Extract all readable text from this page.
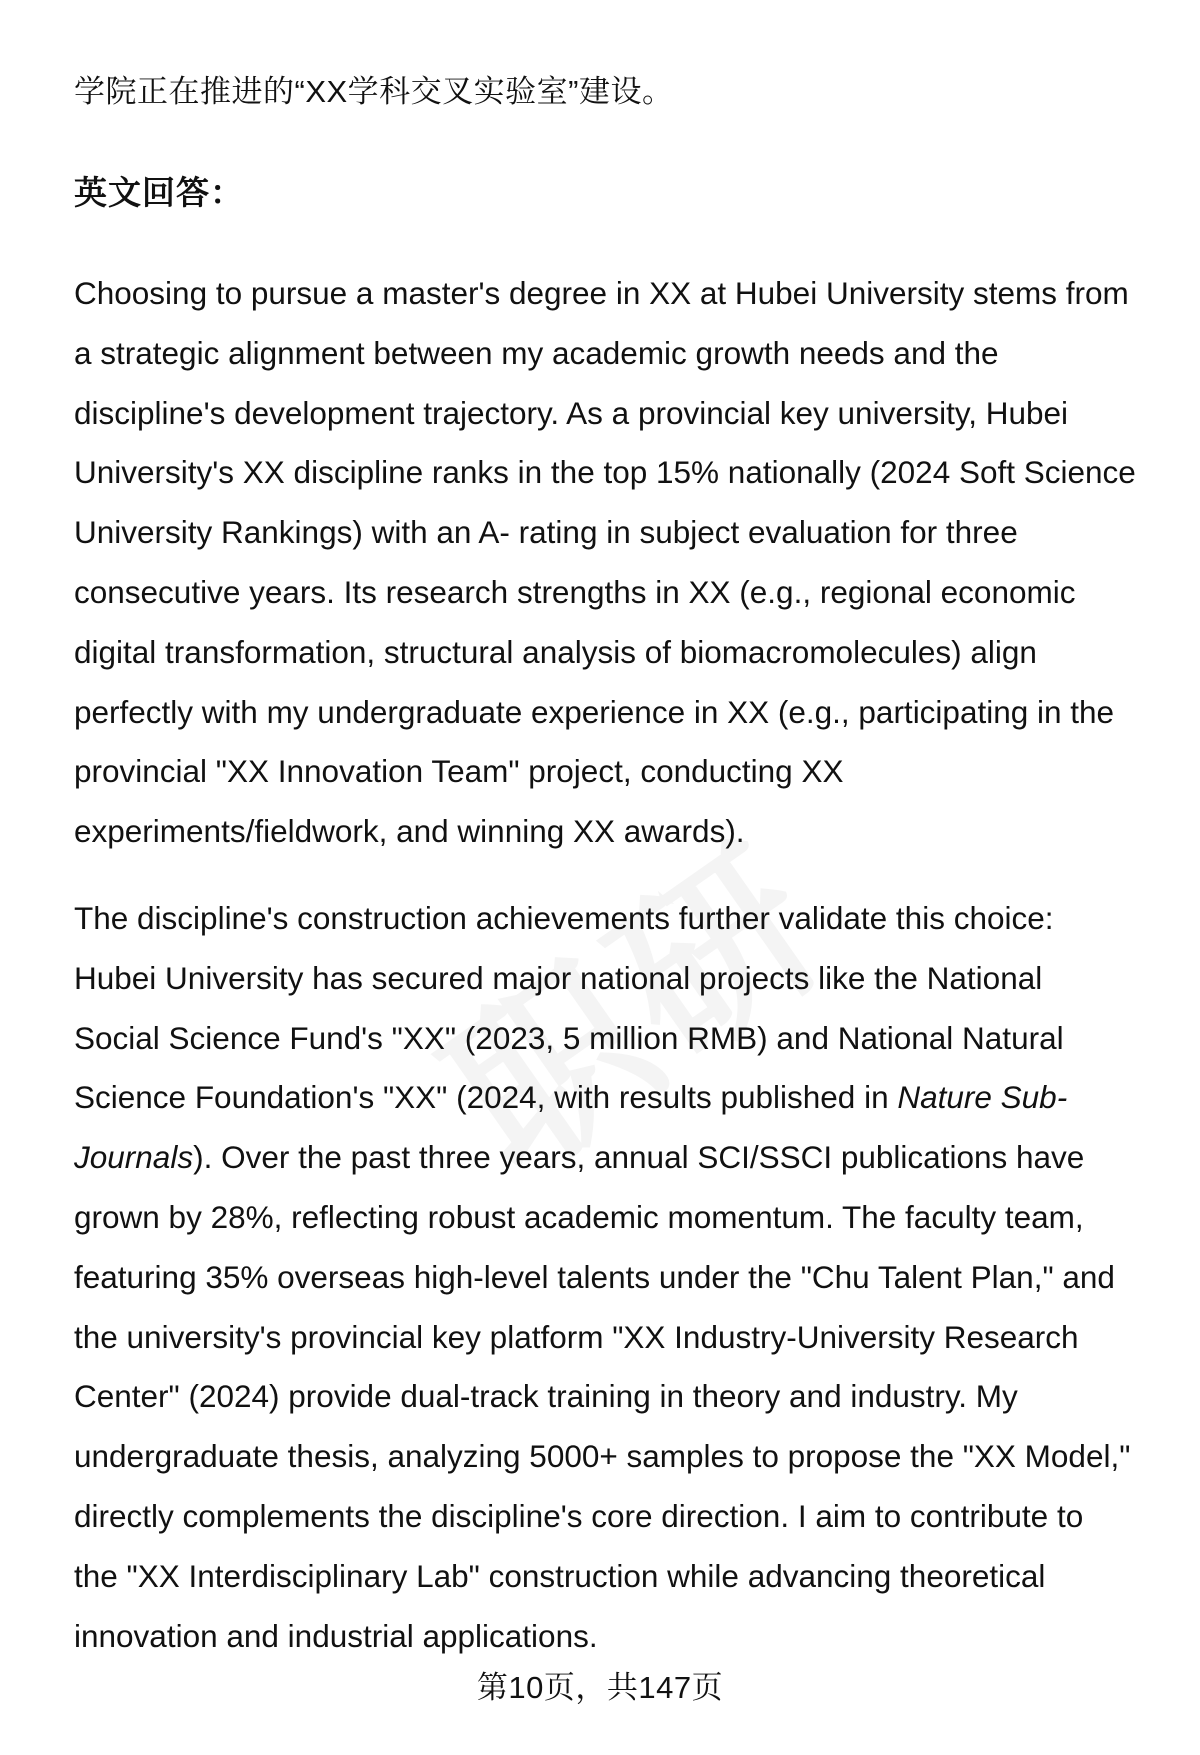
学院正在推进的“XX学科交叉实验室”建设。
英文回答：

Choosing to pursue a master's degree in XX at Hubei University stems from
a strategic alignment between my academic growth needs and the
discipline's development trajectory. As a provincial key university, Hubei
University's XX discipline ranks in the top 15% nationally (2024 Soft Science
University Rankings) with an A- rating in subject evaluation for three
consecutive years. Its research strengths in XX (e.g., regional economic
digital transformation, structural analysis of biomacromolecules) align
perfectly with my undergraduate experience in XX (e.g., participating in the
provincial "XX Innovation Team" project, conducting XX
experiments/fieldwork, and winning XX awards).

The discipline's construction achievements further validate this choice:
Hubei University has secured major national projects like the National
Social Science Fund's "XX" (2023, 5 million RMB) and National Natural
Science Foundation's "XX" (2024, with results published in Nature Sub-
Journals). Over the past three years, annual SCI/SSCI publications have
grown by 28%, reflecting robust academic momentum. The faculty team,
featuring 35% overseas high-level talents under the "Chu Talent Plan," and
the university's provincial key platform "XX Industry-University Research
Center" (2024) provide dual-track training in theory and industry. My
undergraduate thesis, analyzing 5000+ samples to propose the "XX Model,"
directly complements the discipline's core direction. I aim to contribute to
the "XX Interdisciplinary Lab" construction while advancing theoretical
innovation and industrial applications.

第10页，共147页
